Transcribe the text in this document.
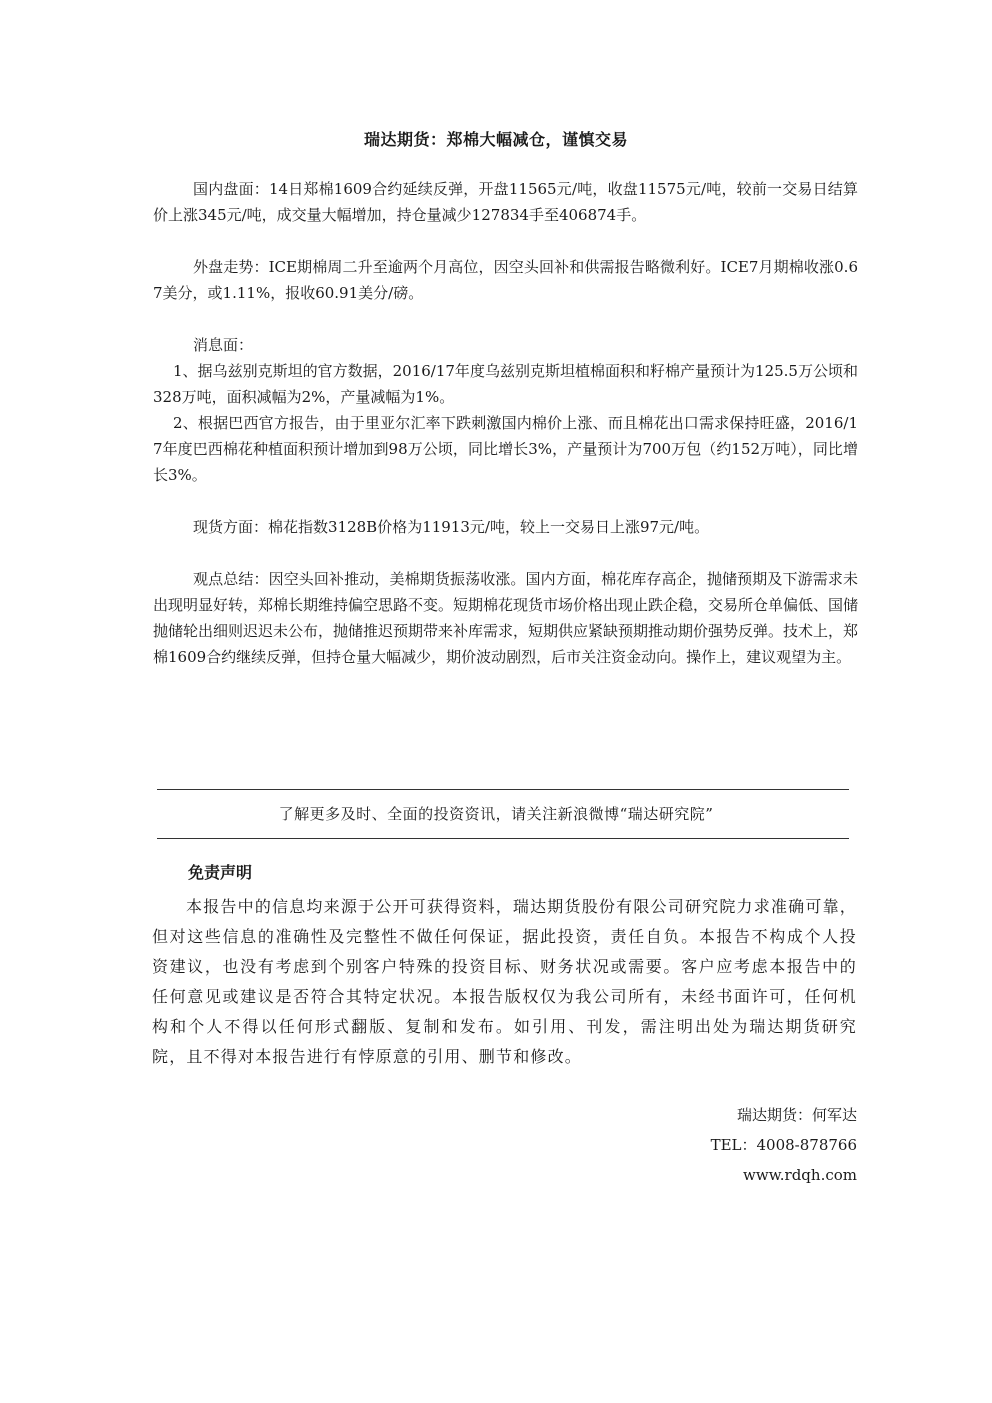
瑞达期货：郑棉大幅减仓，谨慎交易

国内盘面：14日郑棉1609合约延续反弹，开盘11565元/吨，收盘11575元/吨，较前一交易日结算价上涨345元/吨，成交量大幅增加，持仓量减少127834手至406874手。

外盘走势：ICE期棉周二升至逾两个月高位，因空头回补和供需报告略微利好。ICE7月期棉收涨0.67美分，或1.11%，报收60.91美分/磅。

消息面：

1、据乌兹别克斯坦的官方数据，2016/17年度乌兹别克斯坦植棉面积和籽棉产量预计为125.5万公顷和328万吨，面积减幅为2%，产量减幅为1%。

2、根据巴西官方报告，由于里亚尔汇率下跌刺激国内棉价上涨、而且棉花出口需求保持旺盛，2016/17年度巴西棉花种植面积预计增加到98万公顷，同比增长3%，产量预计为700万包（约152万吨），同比增长3%。

现货方面：棉花指数3128B价格为11913元/吨，较上一交易日上涨97元/吨。

观点总结：因空头回补推动，美棉期货振荡收涨。国内方面，棉花库存高企，抛储预期及下游需求未出现明显好转，郑棉长期维持偏空思路不变。短期棉花现货市场价格出现止跌企稳，交易所仓单偏低、国储抛储轮出细则迟迟未公布，抛储推迟预期带来补库需求，短期供应紧缺预期推动期价强势反弹。技术上，郑棉1609合约继续反弹，但持仓量大幅减少，期价波动剧烈，后市关注资金动向。操作上，建议观望为主。

了解更多及时、全面的投资资讯，请关注新浪微博“瑞达研究院”
免责声明

本报告中的信息均来源于公开可获得资料，瑞达期货股份有限公司研究院力求准确可靠，但对这些信息的准确性及完整性不做任何保证，据此投资，责任自负。本报告不构成个人投资建议，也没有考虑到个别客户特殊的投资目标、财务状况或需要。客户应考虑本报告中的任何意见或建议是否符合其特定状况。本报告版权仅为我公司所有，未经书面许可，任何机构和个人不得以任何形式翻版、复制和发布。如引用、刊发，需注明出处为瑞达期货研究院，且不得对本报告进行有悖原意的引用、删节和修改。

瑞达期货：何军达
TEL：4008-878766
www.rdqh.com
